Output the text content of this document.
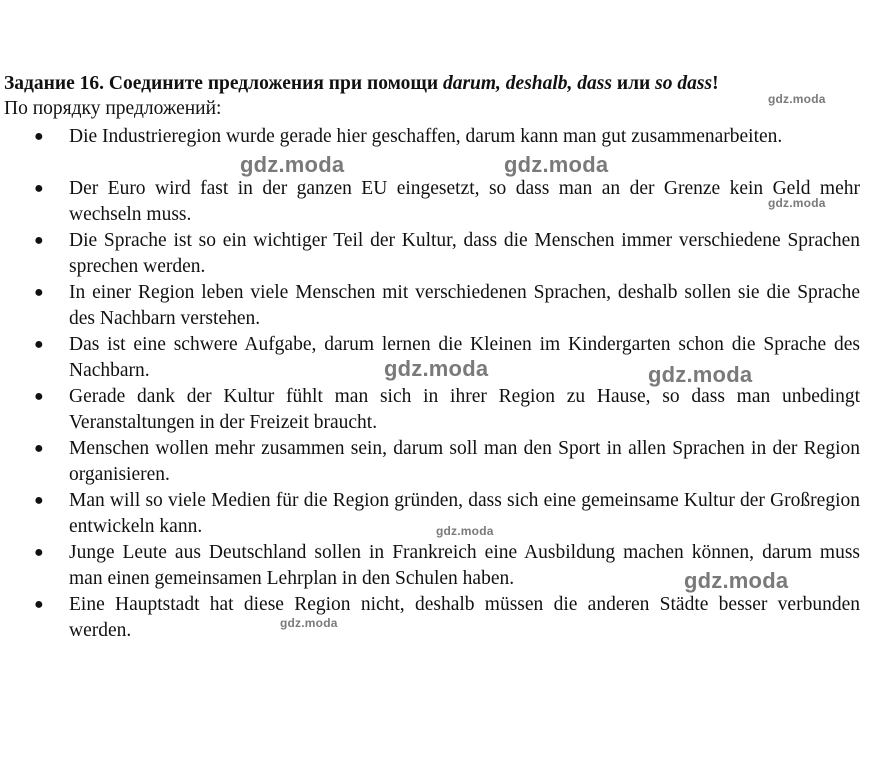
Задание 16. Соедините предложения при помощи darum, deshalb, dass или so dass!
По порядку предложений:
● Die Industrieregion wurde gerade hier geschaffen, darum kann man gut zusammenarbeiten.
● Der Euro wird fast in der ganzen EU eingesetzt, so dass man an der Grenze kein Geld mehr wechseln muss.
● Die Sprache ist so ein wichtiger Teil der Kultur, dass die Menschen immer verschiedene Sprachen sprechen werden.
● In einer Region leben viele Menschen mit verschiedenen Sprachen, deshalb sollen sie die Sprache des Nachbarn verstehen.
● Das ist eine schwere Aufgabe, darum lernen die Kleinen im Kindergarten schon die Sprache des Nachbarn.
● Gerade dank der Kultur fühlt man sich in ihrer Region zu Hause, so dass man unbedingt Veranstaltungen in der Freizeit braucht.
● Menschen wollen mehr zusammen sein, darum soll man den Sport in allen Sprachen in der Region organisieren.
● Man will so viele Medien für die Region gründen, dass sich eine gemeinsame Kultur der Großregion entwickeln kann.
● Junge Leute aus Deutschland sollen in Frankreich eine Ausbildung machen können, darum muss man einen gemeinsamen Lehrplan in den Schulen haben.
● Eine Hauptstadt hat diese Region nicht, deshalb müssen die anderen Städte besser verbunden werden.
gdz.moda
gdz.moda	gdz.moda
gdz.moda
gdz.moda	gdz.moda
gdz.moda
gdz.moda
gdz.moda
